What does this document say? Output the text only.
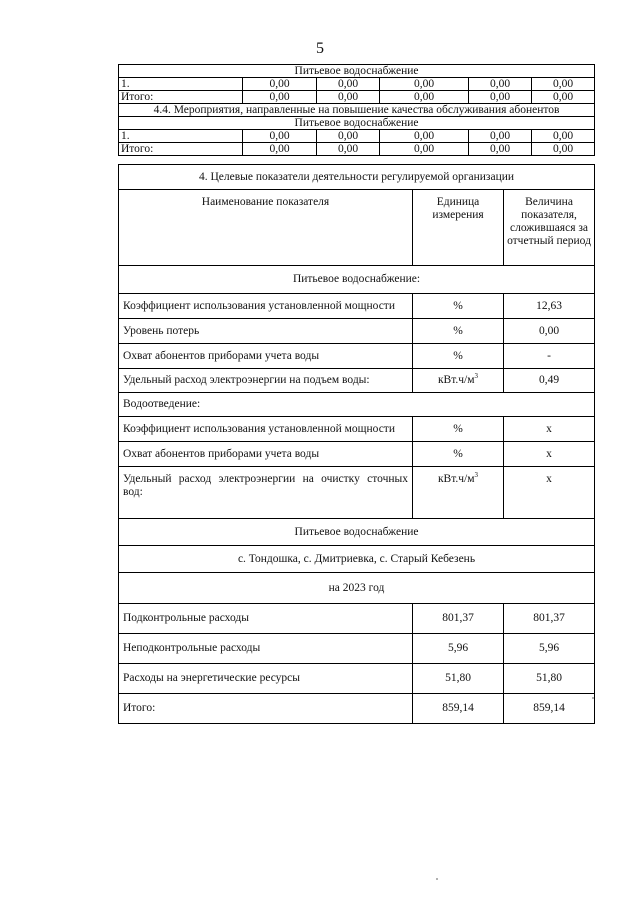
5
Питьевое водоснабжение					
1.	0,00	0,00	0,00	0,00	0,00
Итого:	0,00	0,00	0,00	0,00	0,00
4.4. Мероприятия, направленные на повышение качества обслуживания абонентов					
Питьевое водоснабжение					
1.	0,00	0,00	0,00	0,00	0,00
Итого:	0,00	0,00	0,00	0,00	0,00
4. Целевые показатели деятельности регулируемой организации		
Наименование показателя	Единица измерения	Величина показателя, сложившаяся за отчетный период
Питьевое водоснабжение:		
Коэффициент использования установленной мощности	%	12,63
Уровень потерь	%	0,00
Охват абонентов приборами учета воды	%	-
Удельный расход электроэнергии на подъем воды:	$кВт.ч/м^3$	0,49
Водоотведение:		
Коэффициент использования установленной мощности	%	x
Охват абонентов приборами учета воды	%	x
Удельный расход электроэнергии на очистку сточных вод:	$кВт.ч/м^3$	x
Питьевое водоснабжение		
с. Тондошка, с. Дмитриевка, с. Старый Кебезень		
на 2023 год		
Подконтрольные расходы	801,37	801,37
Неподконтрольные расходы	5,96	5,96
Расходы на энергетические ресурсы	51,80	51,80
Итого:	859,14	859,14
